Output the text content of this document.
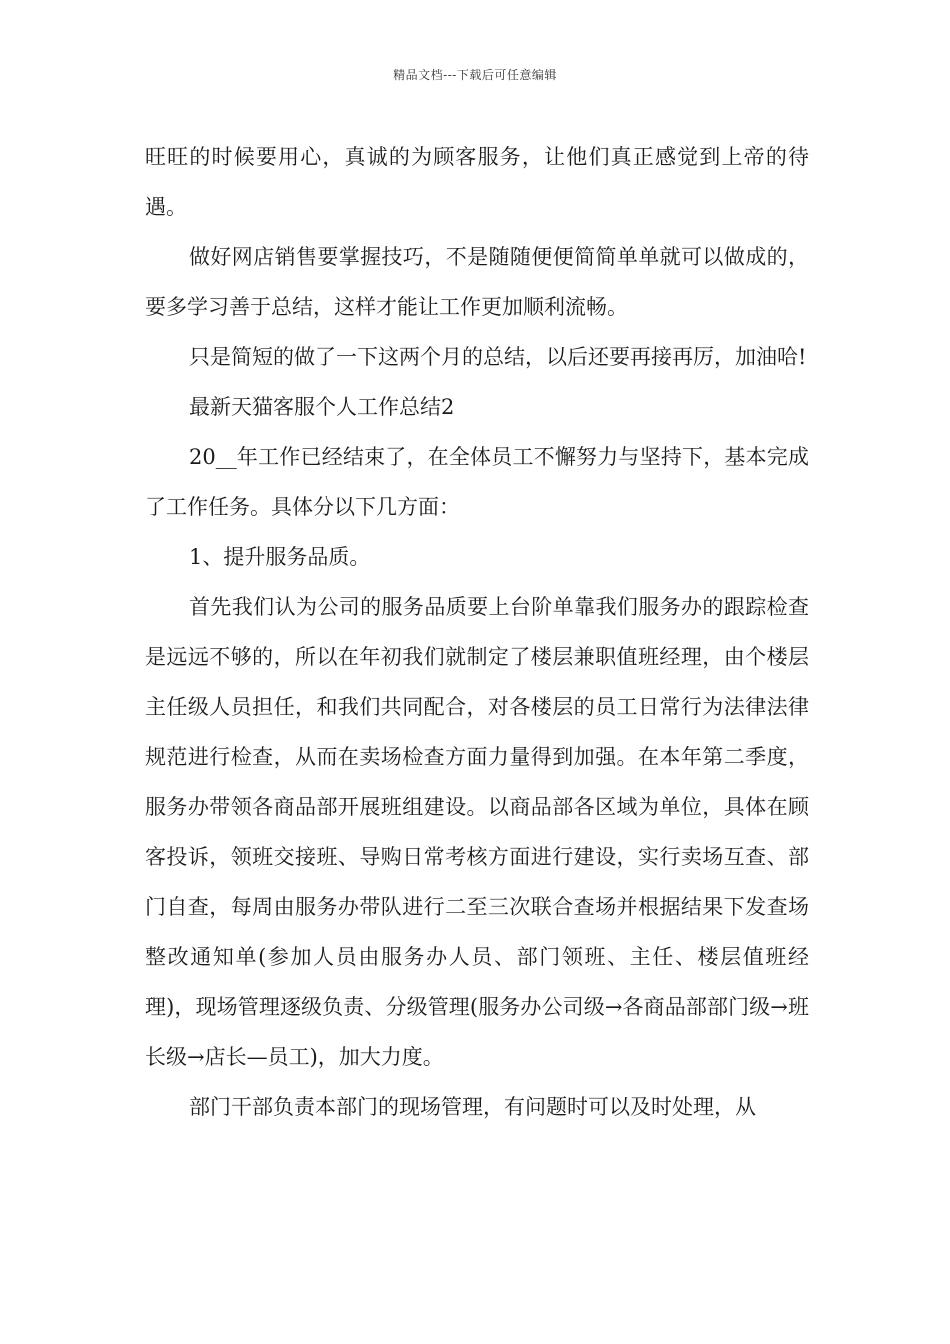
精品文档---下载后可任意编辑

旺旺的时候要用心，真诚的为顾客服务，让他们真正感觉到上帝的待遇。

做好网店销售要掌握技巧，不是随随便便简简单单就可以做成的，要多学习善于总结，这样才能让工作更加顺利流畅。

只是简短的做了一下这两个月的总结，以后还要再接再厉，加油哈!

最新天猫客服个人工作总结2

20__年工作已经结束了，在全体员工不懈努力与坚持下，基本完成了工作任务。具体分以下几方面：

1、提升服务品质。

首先我们认为公司的服务品质要上台阶单靠我们服务办的跟踪检查是远远不够的，所以在年初我们就制定了楼层兼职值班经理，由个楼层主任级人员担任，和我们共同配合，对各楼层的员工日常行为法律法律规范进行检查，从而在卖场检查方面力量得到加强。在本年第二季度，服务办带领各商品部开展班组建设。以商品部各区域为单位，具体在顾客投诉，领班交接班、导购日常考核方面进行建设，实行卖场互查、部门自查，每周由服务办带队进行二至三次联合查场并根据结果下发查场整改通知单(参加人员由服务办人员、部门领班、主任、楼层值班经理)，现场管理逐级负责、分级管理(服务办公司级→各商品部部门级→班长级→店长—员工)，加大力度。

部门干部负责本部门的现场管理，有问题时可以及时处理，从
